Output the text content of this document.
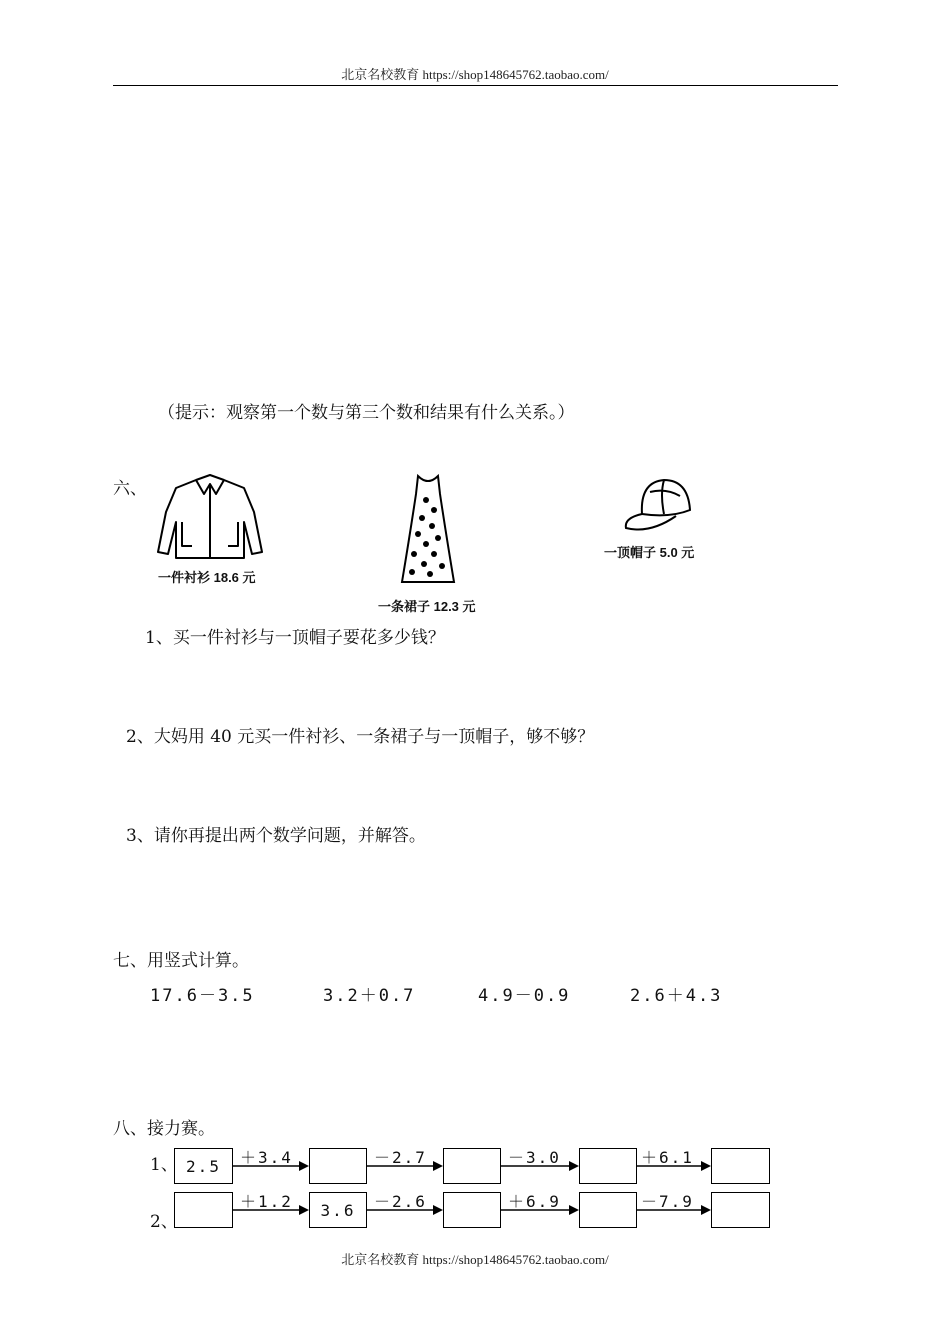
北京名校教育 https://shop148645762.taobao.com/
（提示：观察第一个数与第三个数和结果有什么关系。）
六、
一件衬衫 18.6 元
一条裙子 12.3 元
一顶帽子 5.0 元
1、买一件衬衫与一顶帽子要花多少钱？
2、大妈用 40 元买一件衬衫、一条裙子与一顶帽子，够不够？
3、请你再提出两个数学问题，并解答。
七、用竖式计算。
17.6－3.5	3.2＋0.7	4.9－0.9	2.6＋4.3
八、接力赛。
1、 2.5	＋3.4	－2.7	－3.0	＋6.1
2、
3.6
＋1.2	－2.6	＋6.9	－7.9
北京名校教育 https://shop148645762.taobao.com/
